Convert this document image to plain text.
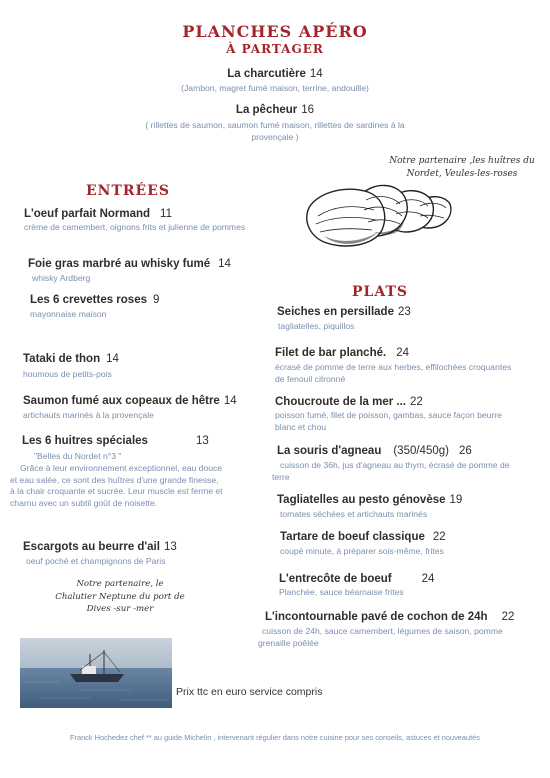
PLANCHES APÉRO
À PARTAGER
La charcutière 14
(Jambon, magret fumé maison, terrine, andouille)
La pêcheur 16
( rillettes de saumon, saumon fumé maison, rillettes de sardines à la provençale )
Notre partenaire ,les huîtres du Nordet, Veules-les-roses
ENTRÉES
L'oeuf parfait Normand 11
crème de camembert, oignons frits et julienne de pommes
Foie gras marbré au whisky fumé 14
whisky Ardberg
Les 6 crevettes roses 9
mayonnaise maison
Tataki de thon 14
houmous de petits-pois
Saumon fumé aux copeaux de hêtre 14
artichauts marinés à la provençale
Les 6 huitres spéciales	13
"Belles du Nordet n°3 "
Grâce à leur environnement exceptionnel, eau douce et eau salée, ce sont des huîtres d'une grande finesse, à la chair croquante et sucrée. Leur muscle est ferme et charnu avec un subtil goût de noisette.
Escargots au beurre d'ail 13
oeuf poché et champignons de Paris
Notre partenaire, le Chalutier Neptune du port de Dives -sur -mer
Prix ttc en euro service compris
PLATS
Seiches en persillade 23
tagliatelles, piquillos
Filet de bar planché. 24
écrasé de pomme de terre aux herbes, effilochées croquantes de fenouil citronné
Choucroute de la mer ... 22
poisson fumé, filet de poisson, gambas, sauce façon beurre blanc et chou
La souris d'agneau (350/450g) 26
cuisson de 36h, jus d'agneau au thym, écrasé de pomme de terre
Tagliatelles au pesto génovèse 19
tomates séchées et artichauts marinés
Tartare de boeuf classique 22
coupé minute, à préparer sois-même, frites
L'entrecôte de boeuf	24
Planchée, sauce béarnaise frites
L'incontournable pavé de cochon de 24h 22
cuisson de 24h, sauce camembert, légumes de saison, pomme grenaille poêlée
Franck Hochedez chef ** au guide Michelin , intervenant régulier dans notre cuisine pour ses conseils, astuces et nouveautés
